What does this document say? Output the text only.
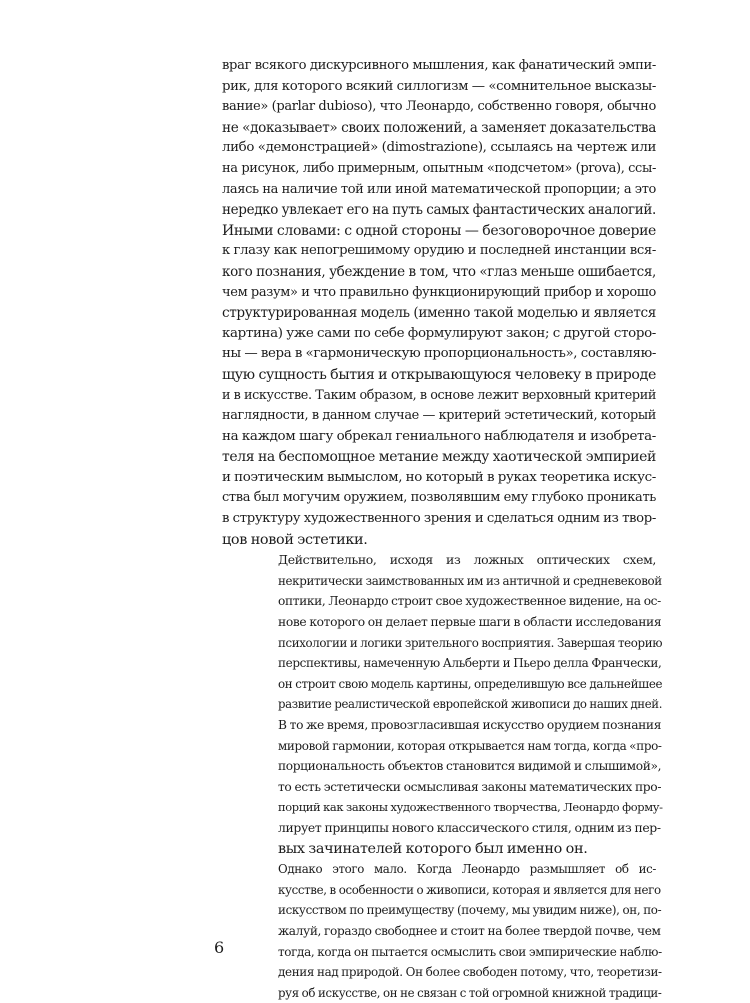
враг всякого дискурсивного мышления, как фанатический эмпи-
рик, для которого всякий силлогизм — «сомнительное высказы-
вание» (parlar dubioso), что Леонардо, собственно говоря, обычно
не «доказывает» своих положений, а заменяет доказательства
либо «демонстрацией» (dimostrazione), ссылаясь на чертеж или
на рисунок, либо примерным, опытным «подсчетом» (prova), ссы-
лаясь на наличие той или иной математической пропорции; а это
нередко увлекает его на путь самых фантастических аналогий.
Иными словами: с одной стороны — безоговорочное доверие
к глазу как непогрешимому орудию и последней инстанции вся-
кого познания, убеждение в том, что «глаз меньше ошибается,
чем разум» и что правильно функционирующий прибор и хорошо
структурированная модель (именно такой моделью и является
картина) уже сами по себе формулируют закон; с другой сторо-
ны — вера в «гармоническую пропорциональность», составляю-
щую сущность бытия и открывающуюся человеку в природе
и в искусстве. Таким образом, в основе лежит верховный критерий
наглядности, в данном случае — критерий эстетический, который
на каждом шагу обрекал гениального наблюдателя и изобрета-
теля на беспомощное метание между хаотической эмпирией
и поэтическим вымыслом, но который в руках теоретика искус-
ства был могучим оружием, позволявшим ему глубоко проникать
в структуру художественного зрения и сделаться одним из твор-
цов новой эстетики.

Действительно, исходя из ложных оптических схем,
некритически заимствованных им из античной и средневековой
оптики, Леонардо строит свое художественное видение, на ос-
нове которого он делает первые шаги в области исследования
психологии и логики зрительного восприятия. Завершая теорию
перспективы, намеченную Альберти и Пьеро делла Франчески,
он строит свою модель картины, определившую все дальнейшее
развитие реалистической европейской живописи до наших дней.
В то же время, провозгласившая искусство орудием познания
мировой гармонии, которая открывается нам тогда, когда «про-
порциональность объектов становится видимой и слышимой»,
то есть эстетически осмысливая законы математических про-
порций как законы художественного творчества, Леонардо форму-
лирует принципы нового классического стиля, одним из пер-
вых зачинателей которого был именно он.

Однако этого мало. Когда Леонардо размышляет об ис-
кусстве, в особенности о живописи, которая и является для него
искусством по преимуществу (почему, мы увидим ниже), он, по-
жалуй, гораздо свободнее и стоит на более твердой почве, чем
тогда, когда он пытается осмыслить свои эмпирические наблю-
дения над природой. Он более свободен потому, что, теоретизи-
руя об искусстве, он не связан с той огромной книжной традици-

6
